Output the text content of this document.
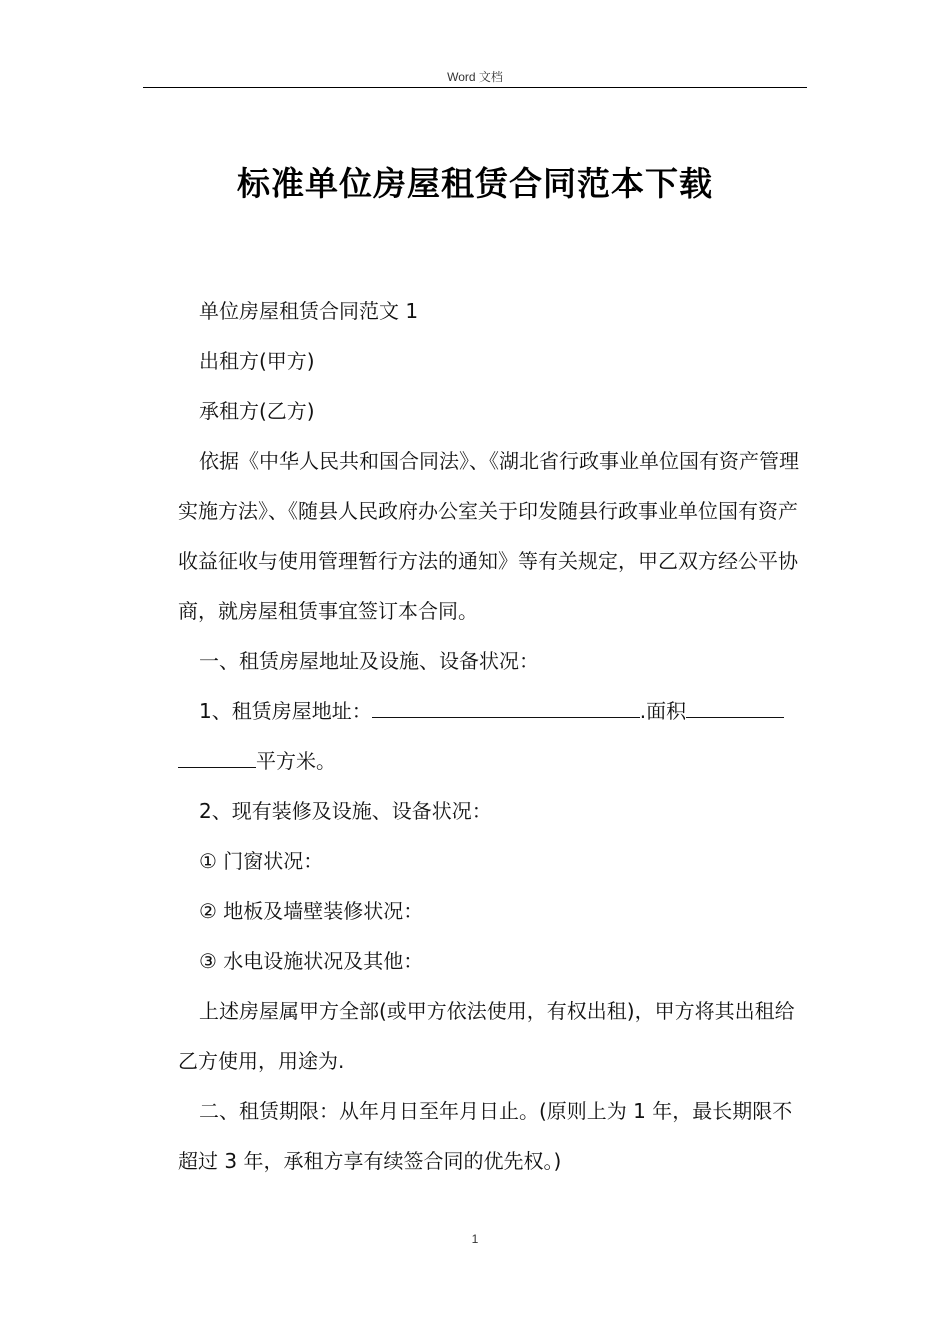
Word 文档
标准单位房屋租赁合同范本下载

单位房屋租赁合同范文 1

出租方(甲方)

承租方(乙方)

依据《中华人民共和国合同法》、《湖北省行政事业单位国有资产管理实施方法》、《随县人民政府办公室关于印发随县行政事业单位国有资产收益征收与使用管理暂行方法的通知》等有关规定，甲乙双方经公平协商，就房屋租赁事宜签订本合同。

一、租赁房屋地址及设施、设备状况：

1、租赁房屋地址：	.面积平方米。

2、现有装修及设施、设备状况：

① 门窗状况：

② 地板及墙壁装修状况：

③ 水电设施状况及其他：

上述房屋属甲方全部(或甲方依法使用，有权出租)，甲方将其出租给乙方使用，用途为.

二、租赁期限：从年月日至年月日止。(原则上为 1 年，最长期限不超过 3 年，承租方享有续签合同的优先权。)

1
